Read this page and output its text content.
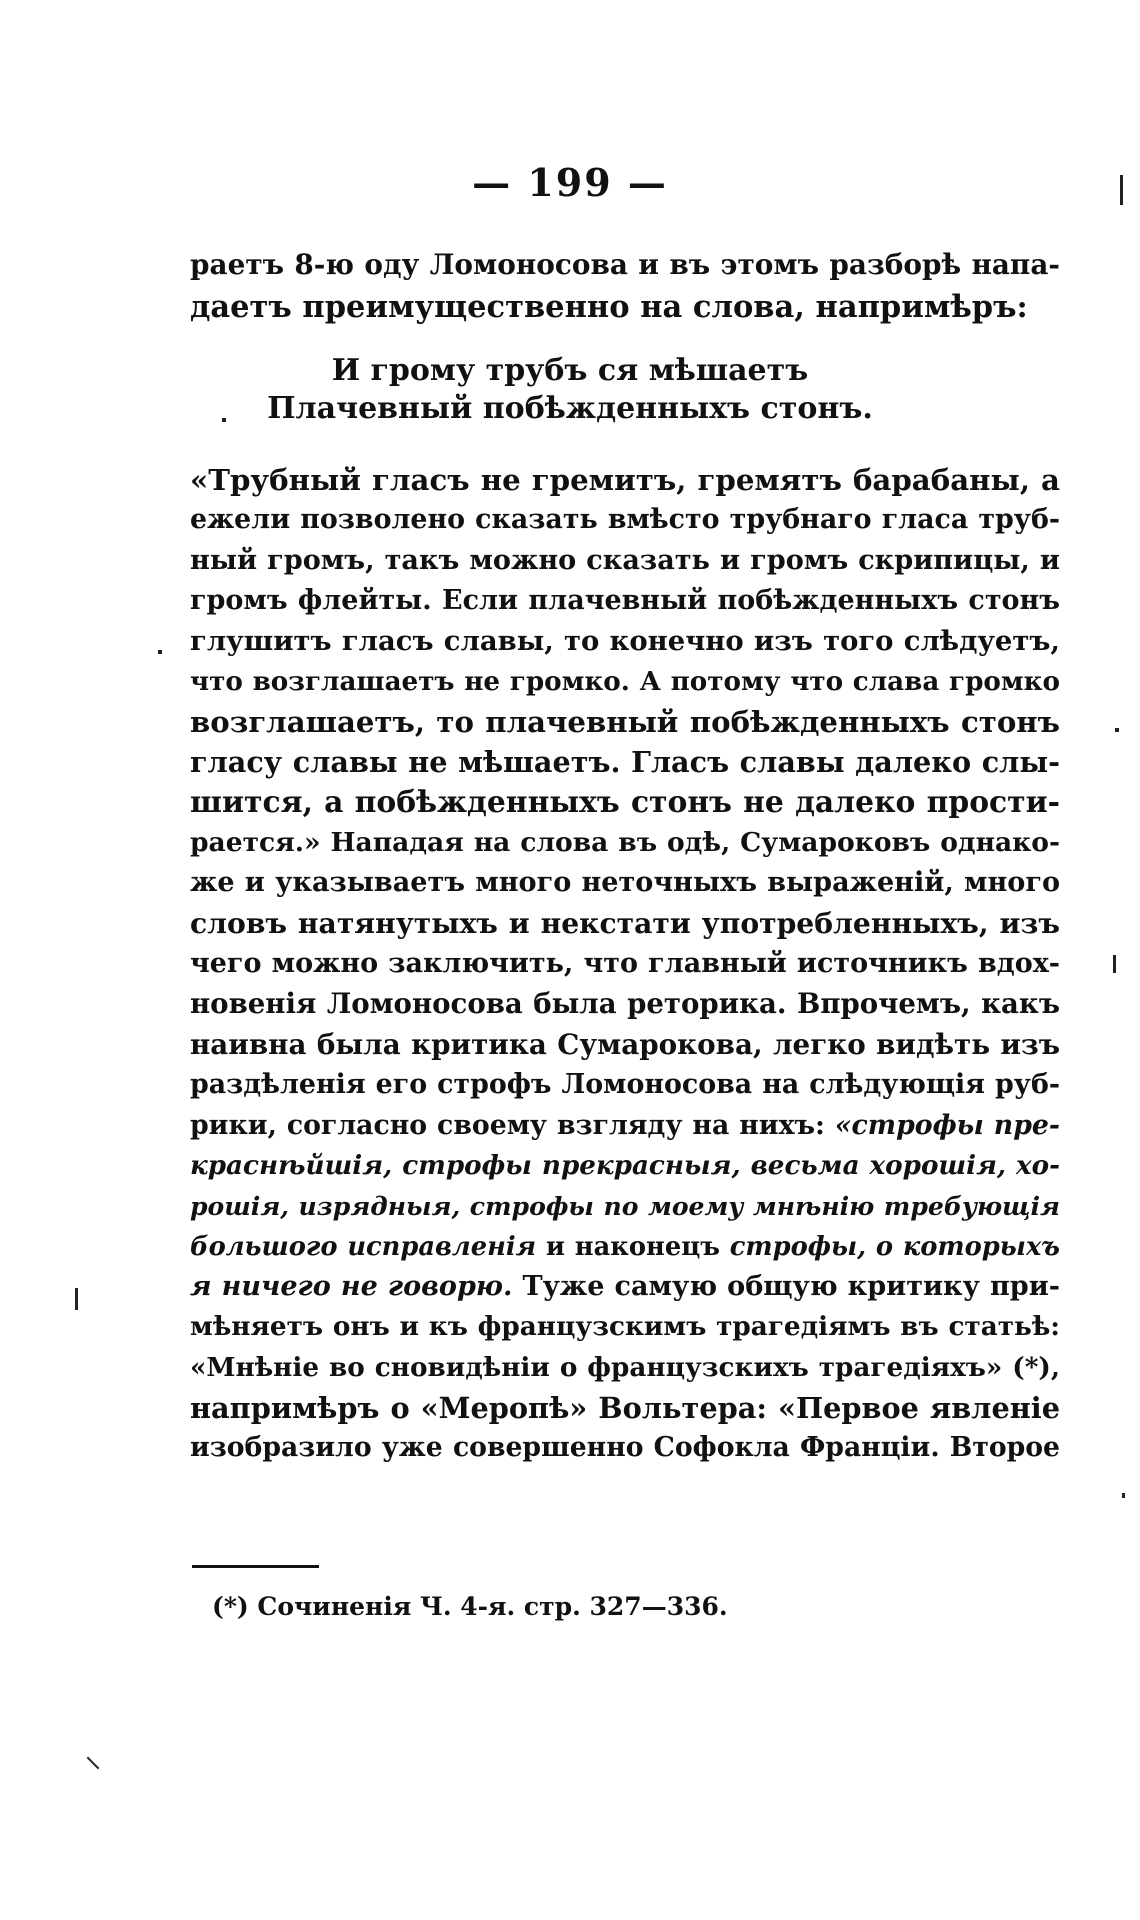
— 199 —
раетъ 8-ю оду Ломоносова и въ этомъ разборѣ напа-
даетъ преимущественно на слова, напримѣръ:
И грому трубъ ся мѣшаетъ
Плачевный побѣжденныхъ стонъ.
«Трубный гласъ не гремитъ, гремятъ барабаны, а
ежели позволено сказать вмѣсто трубнаго гласа труб-
ный громъ, такъ можно сказать и громъ скрипицы, и
громъ флейты. Если плачевный побѣжденныхъ стонъ
глушитъ гласъ славы, то конечно изъ того слѣдуетъ,
что возглашаетъ не громко. А потому что слава громко
возглашаетъ, то плачевный побѣжденныхъ стонъ
гласу славы не мѣшаетъ. Гласъ славы далеко слы-
шится, а побѣжденныхъ стонъ не далеко прости-
рается.» Нападая на слова въ одѣ, Сумароковъ однако-
же и указываетъ много неточныхъ выраженій, много
словъ натянутыхъ и некстати употребленныхъ, изъ
чего можно заключить, что главный источникъ вдох-
новенія Ломоносова была реторика. Впрочемъ, какъ
наивна была критика Сумарокова, легко видѣть изъ
раздѣленія его строфъ Ломоносова на слѣдующія руб-
рики, согласно своему взгляду на нихъ: «строфы пре-
краснѣйшія, строфы прекрасныя, весьма хорошія, хо-
рошія, изрядныя, строфы по моему мнѣнію требующія
большого исправленія и наконецъ строфы, о которыхъ
я ничего не говорю. Туже самую общую критику при-
мѣняетъ онъ и къ французскимъ трагедіямъ въ статьѣ:
«Мнѣніе во сновидѣніи о французскихъ трагедіяхъ» (*),
напримѣръ о «Меропѣ» Вольтера: «Первое явленіе
изобразило уже совершенно Софокла Франціи. Второе
(*) Сочиненія Ч. 4-я. стр. 327—336.
